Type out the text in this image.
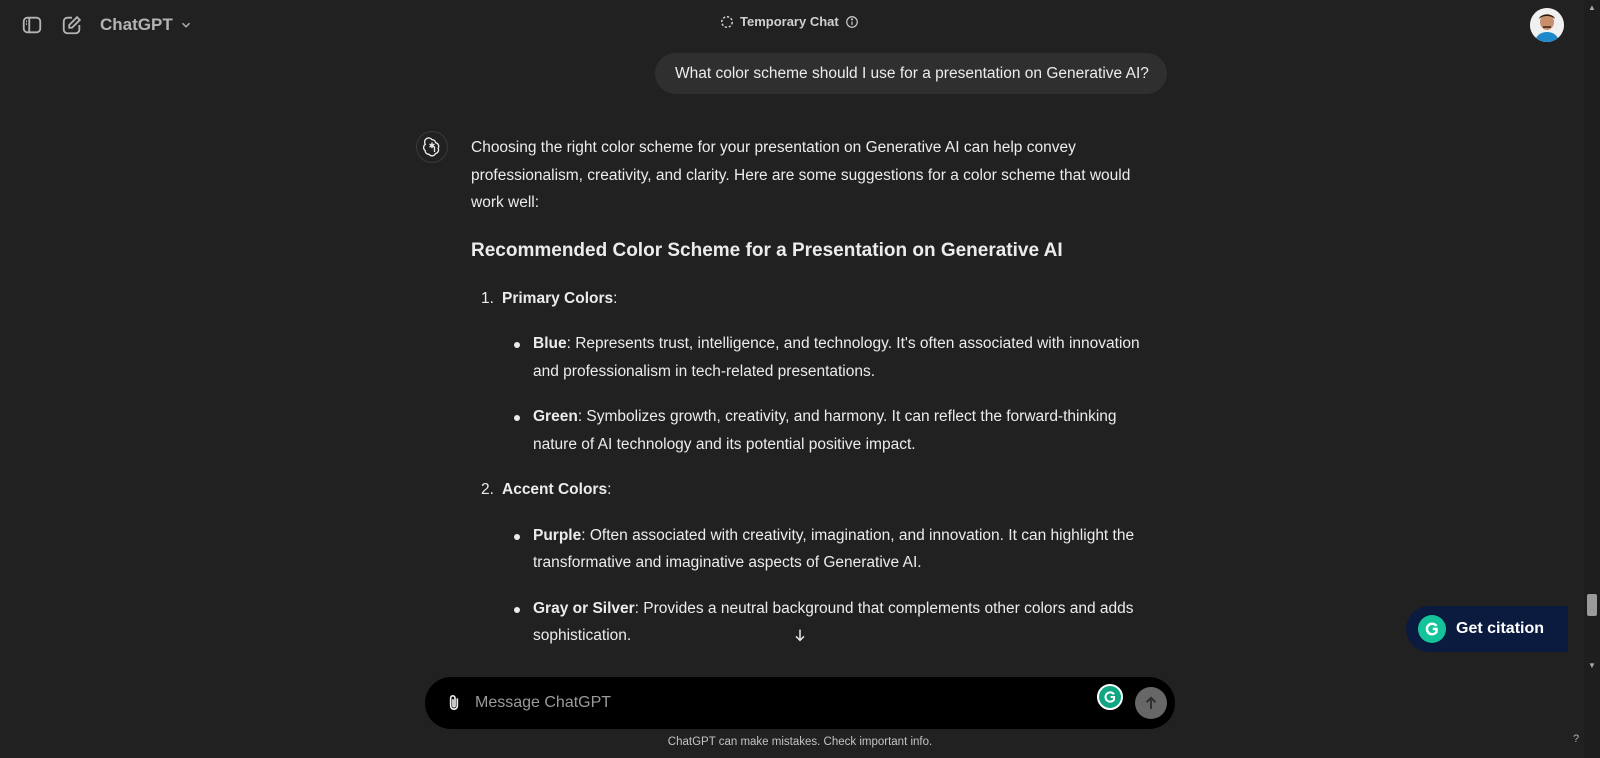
ChatGPT	Temporary Chat
▲
▼
What color scheme should I use for a presentation on Generative AI?

Choosing the right color scheme for your presentation on Generative AI can help convey professionalism, creativity, and clarity. Here are some suggestions for a color scheme that would work well:

Recommended Color Scheme for a Presentation on Generative AI
1. Primary Colors:
Blue: Represents trust, intelligence, and technology. It's often associated with innovation and professionalism in tech-related presentations.
Green: Symbolizes growth, creativity, and harmony. It can reflect the forward-thinking nature of AI technology and its potential positive impact.
2. Accent Colors:
Purple: Often associated with creativity, imagination, and innovation. It can highlight the transformative and imaginative aspects of Generative AI.
Gray or Silver: Provides a neutral background that complements other colors and adds sophistication.
Message ChatGPT
ChatGPT can make mistakes. Check important info.
Get citation
?
